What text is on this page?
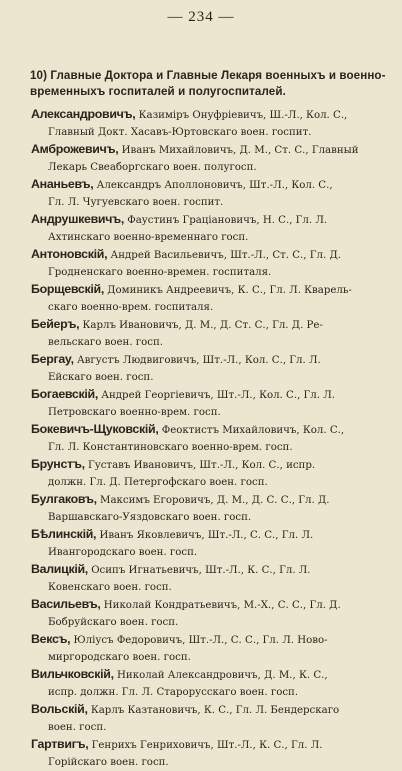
— 234 —
10) Главные Доктора и Главные Лекаря военныхъ и военно-временныхъ госпиталей и полугоспиталей.
Александровичъ, Казиміръ Онуфріевичъ, Ш.-Л., Кол. С.,
Главный Докт. Хасавъ-Юртовскаго воен. госпит.
Амброжевичъ, Иванъ Михайловичъ, Д. М., Ст. С., Главный
Лекарь Свеаборгскаго воен. полугосп.
Ананьевъ, Александръ Аполлоновичъ, Шт.-Л., Кол. С.,
Гл. Л. Чугуевскаго воен. госпит.
Андрушкевичъ, Фаустинъ Граціановичъ, Н. С., Гл. Л.
Ахтинскаго военно-временнаго госп.
Антоновскій, Андрей Васильевичъ, Шт.-Л., Ст. С., Гл. Д.
Гродненскаго военно-времен. госпиталя.
Борщевскій, Доминикъ Андреевичъ, К. С., Гл. Л. Кварель-
скаго военно-врем. госпиталя.
Бейеръ, Карлъ Ивановичъ, Д. М., Д. Ст. С., Гл. Д. Ре-
вельскаго воен. госп.
Бергау, Августъ Людвиговичъ, Шт.-Л., Кол. С., Гл. Л.
Ейскаго воен. госп.
Богаевскій, Андрей Георгіевичъ, Шт.-Л., Кол. С., Гл. Л.
Петровскаго военно-врем. госп.
Бокевичъ-Щуковскій, Феоктистъ Михайловичъ, Кол. С.,
Гл. Л. Константиновскаго военно-врем. госп.
Брунстъ, Густавъ Ивановичъ, Шт.-Л., Кол. С., испр.
должн. Гл. Д. Петергофскаго воен. госп.
Булгаковъ, Максимъ Егоровичъ, Д. М., Д. С. С., Гл. Д.
Варшавскаго-Уяздовскаго воен. госп.
Бѣлинскій, Иванъ Яковлевичъ, Шт.-Л., С. С., Гл. Л.
Ивангородскаго воен. госп.
Валицкій, Осипъ Игнатьевичъ, Шт.-Л., К. С., Гл. Л.
Ковенскаго воен. госп.
Васильевъ, Николай Кондратьевичъ, М.-Х., С. С., Гл. Д.
Бобруйскаго воен. госп.
Вексъ, Юліусъ Федоровичъ, Шт.-Л., С. С., Гл. Л. Ново-
миргородскаго воен. госп.
Вильчковскій, Николай Александровичъ, Д. М., К. С.,
испр. должн. Гл. Л. Старорусскаго воен. госп.
Вольскій, Карлъ Казтановичъ, К. С., Гл. Л. Бендерскаго
воен. госп.
Гартвигъ, Генрихъ Генриховичъ, Шт.-Л., К. С., Гл. Л.
Горійскаго воен. госп.
